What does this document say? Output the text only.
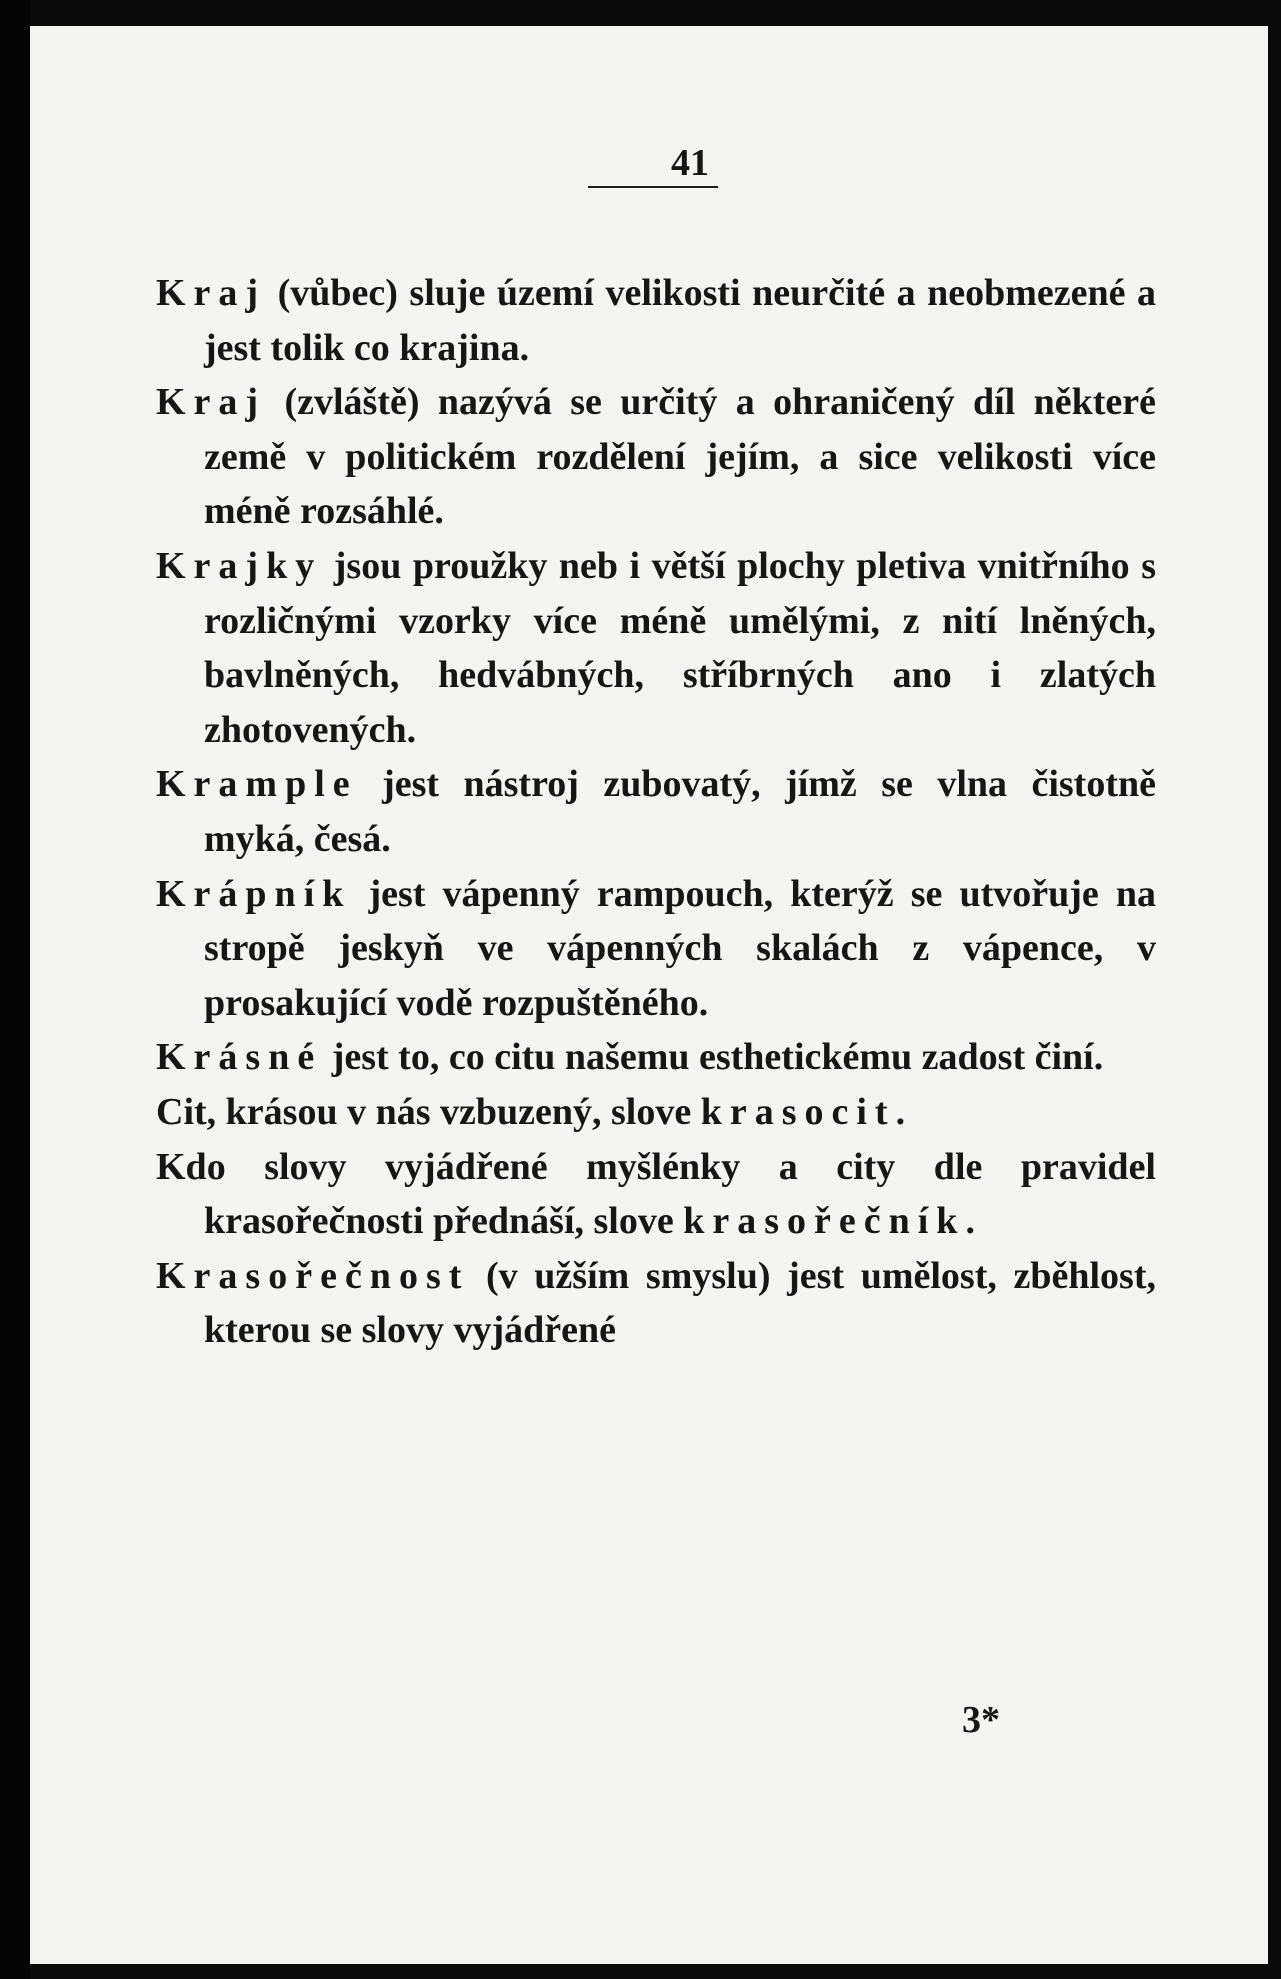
41

Kraj (vůbec) sluje území velikosti neurčité a neobmezené a jest tolik co krajina.

Kraj (zvláště) nazývá se určitý a ohraničený díl některé země v politickém rozdělení jejím, a sice velikosti více méně rozsáhlé.

Krajky jsou proužky neb i větší plochy pletiva vnitřního s rozličnými vzorky více méně umělými, z nití lněných, bavlněných, hedvábných, stříbrných ano i zlatých zhotovených.

Krample jest nástroj zubovatý, jímž se vlna čistotně myká, česá.

Krápník jest vápenný rampouch, kterýž se utvořuje na stropě jeskyň ve vápenných skalách z vápence, v prosakující vodě rozpuštěného.

Krásné jest to, co citu našemu esthetickému zadost činí.

Cit, krásou v nás vzbuzený, slove krasocit.

Kdo slovy vyjádřené myšlénky a city dle pravidel krasořečnosti přednáší, slove krasořečník.

Krasořečnost (v užším smyslu) jest umělost, zběhlost, kterou se slovy vyjádřené

3*
